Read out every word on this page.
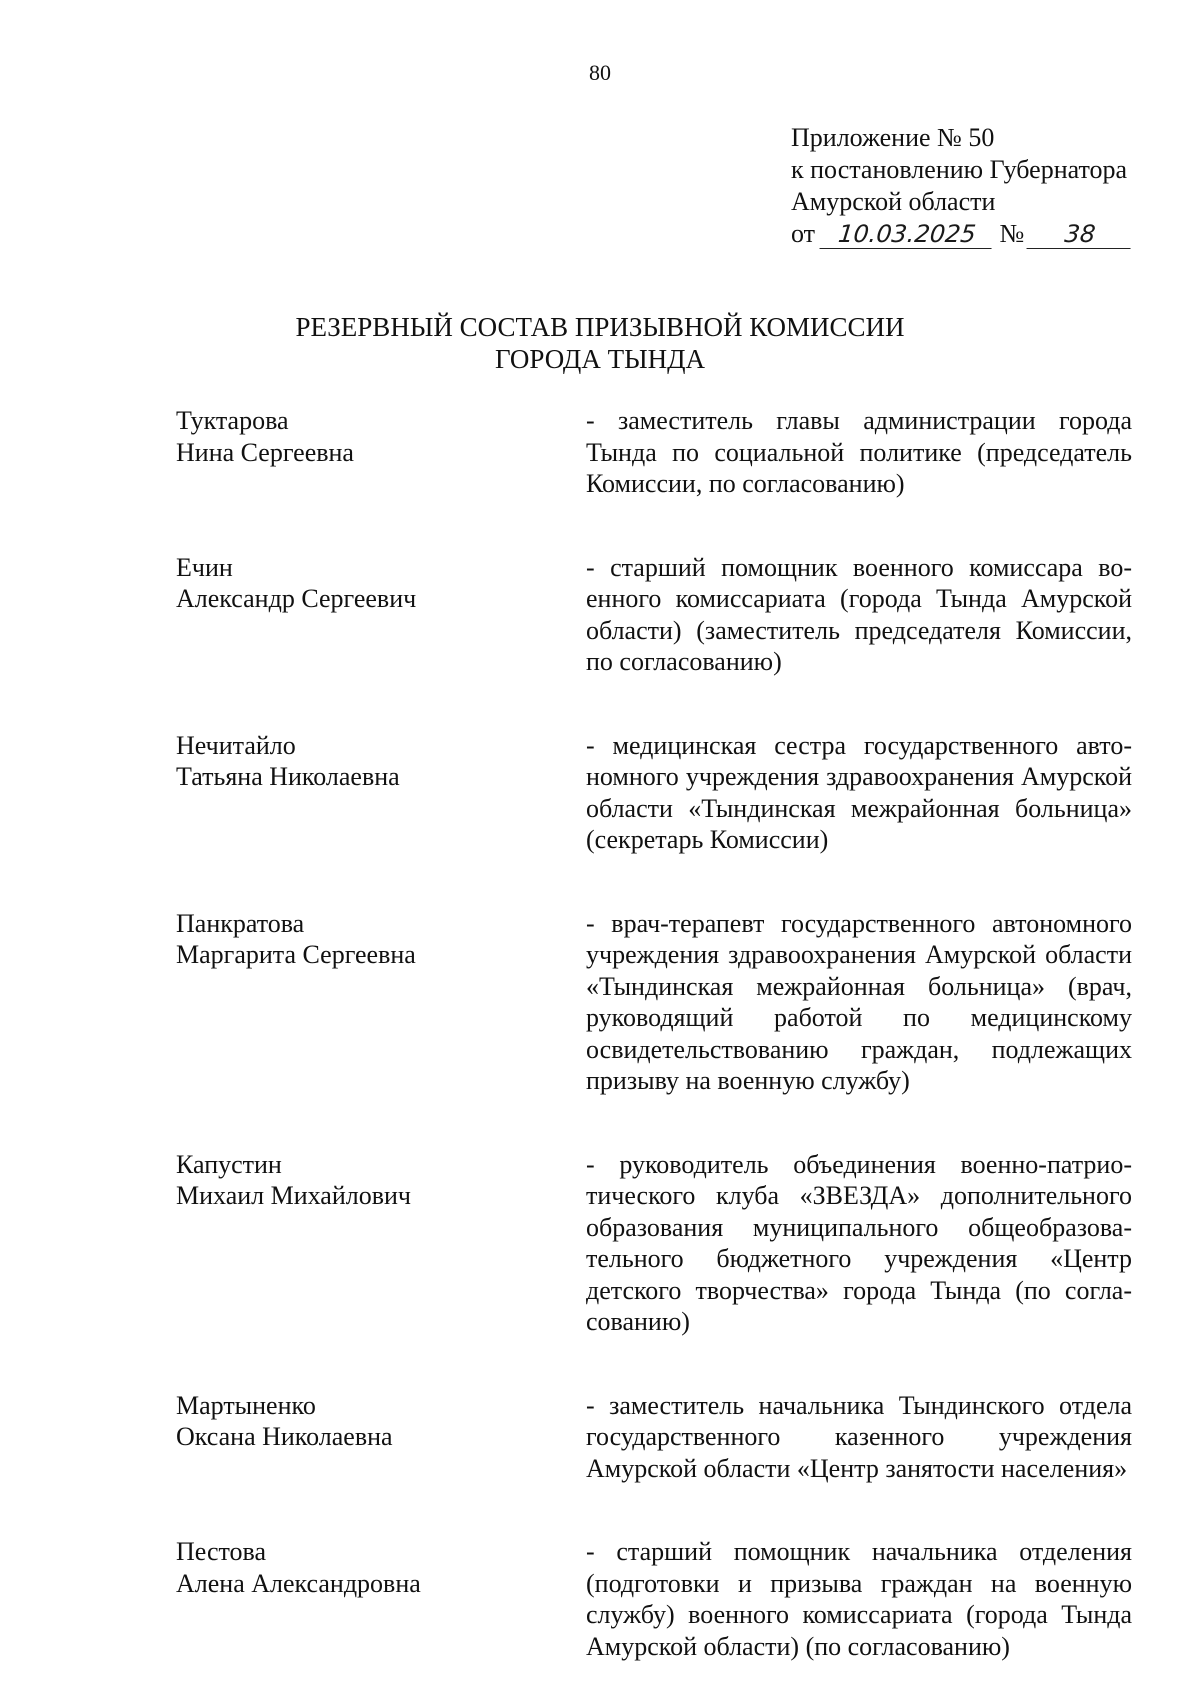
80
Приложение № 50
к постановлению Губернатора
Амурской области
от 10.03.2025 № 38
РЕЗЕРВНЫЙ СОСТАВ ПРИЗЫВНОЙ КОМИССИИ
ГОРОДА ТЫНДА
Туктарова
Нина Сергеевна
- заместитель главы администрации города Тында по социальной политике (председатель Комиссии, по согласованию)
Ечин
Александр Сергеевич
- старший помощник военного комиссара военного комиссариата (города Тында Амурской области) (заместитель председателя Комиссии, по согласованию)
Нечитайло
Татьяна Николаевна
- медицинская сестра государственного автономного учреждения здравоохранения Амурской области «Тындинская межрайонная больница» (секретарь Комиссии)
Панкратова
Маргарита Сергеевна
- врач-терапевт государственного автономного учреждения здравоохранения Амурской области «Тындинская межрайонная больница» (врач, руководящий работой по медицинскому освидетельствованию граждан, подлежащих призыву на военную службу)
Капустин
Михаил Михайлович
- руководитель объединения военно-патриотического клуба «ЗВЕЗДА» дополнительного образования муниципального общеобразовательного бюджетного учреждения «Центр детского творчества» города Тында (по согласованию)
Мартыненко
Оксана Николаевна
- заместитель начальника Тындинского отдела государственного казенного учреждения Амурской области «Центр занятости населения»
Пестова
Алена Александровна
- старший помощник начальника отделения (подготовки и призыва граждан на военную службу) военного комиссариата (города Тында Амурской области) (по согласованию)
